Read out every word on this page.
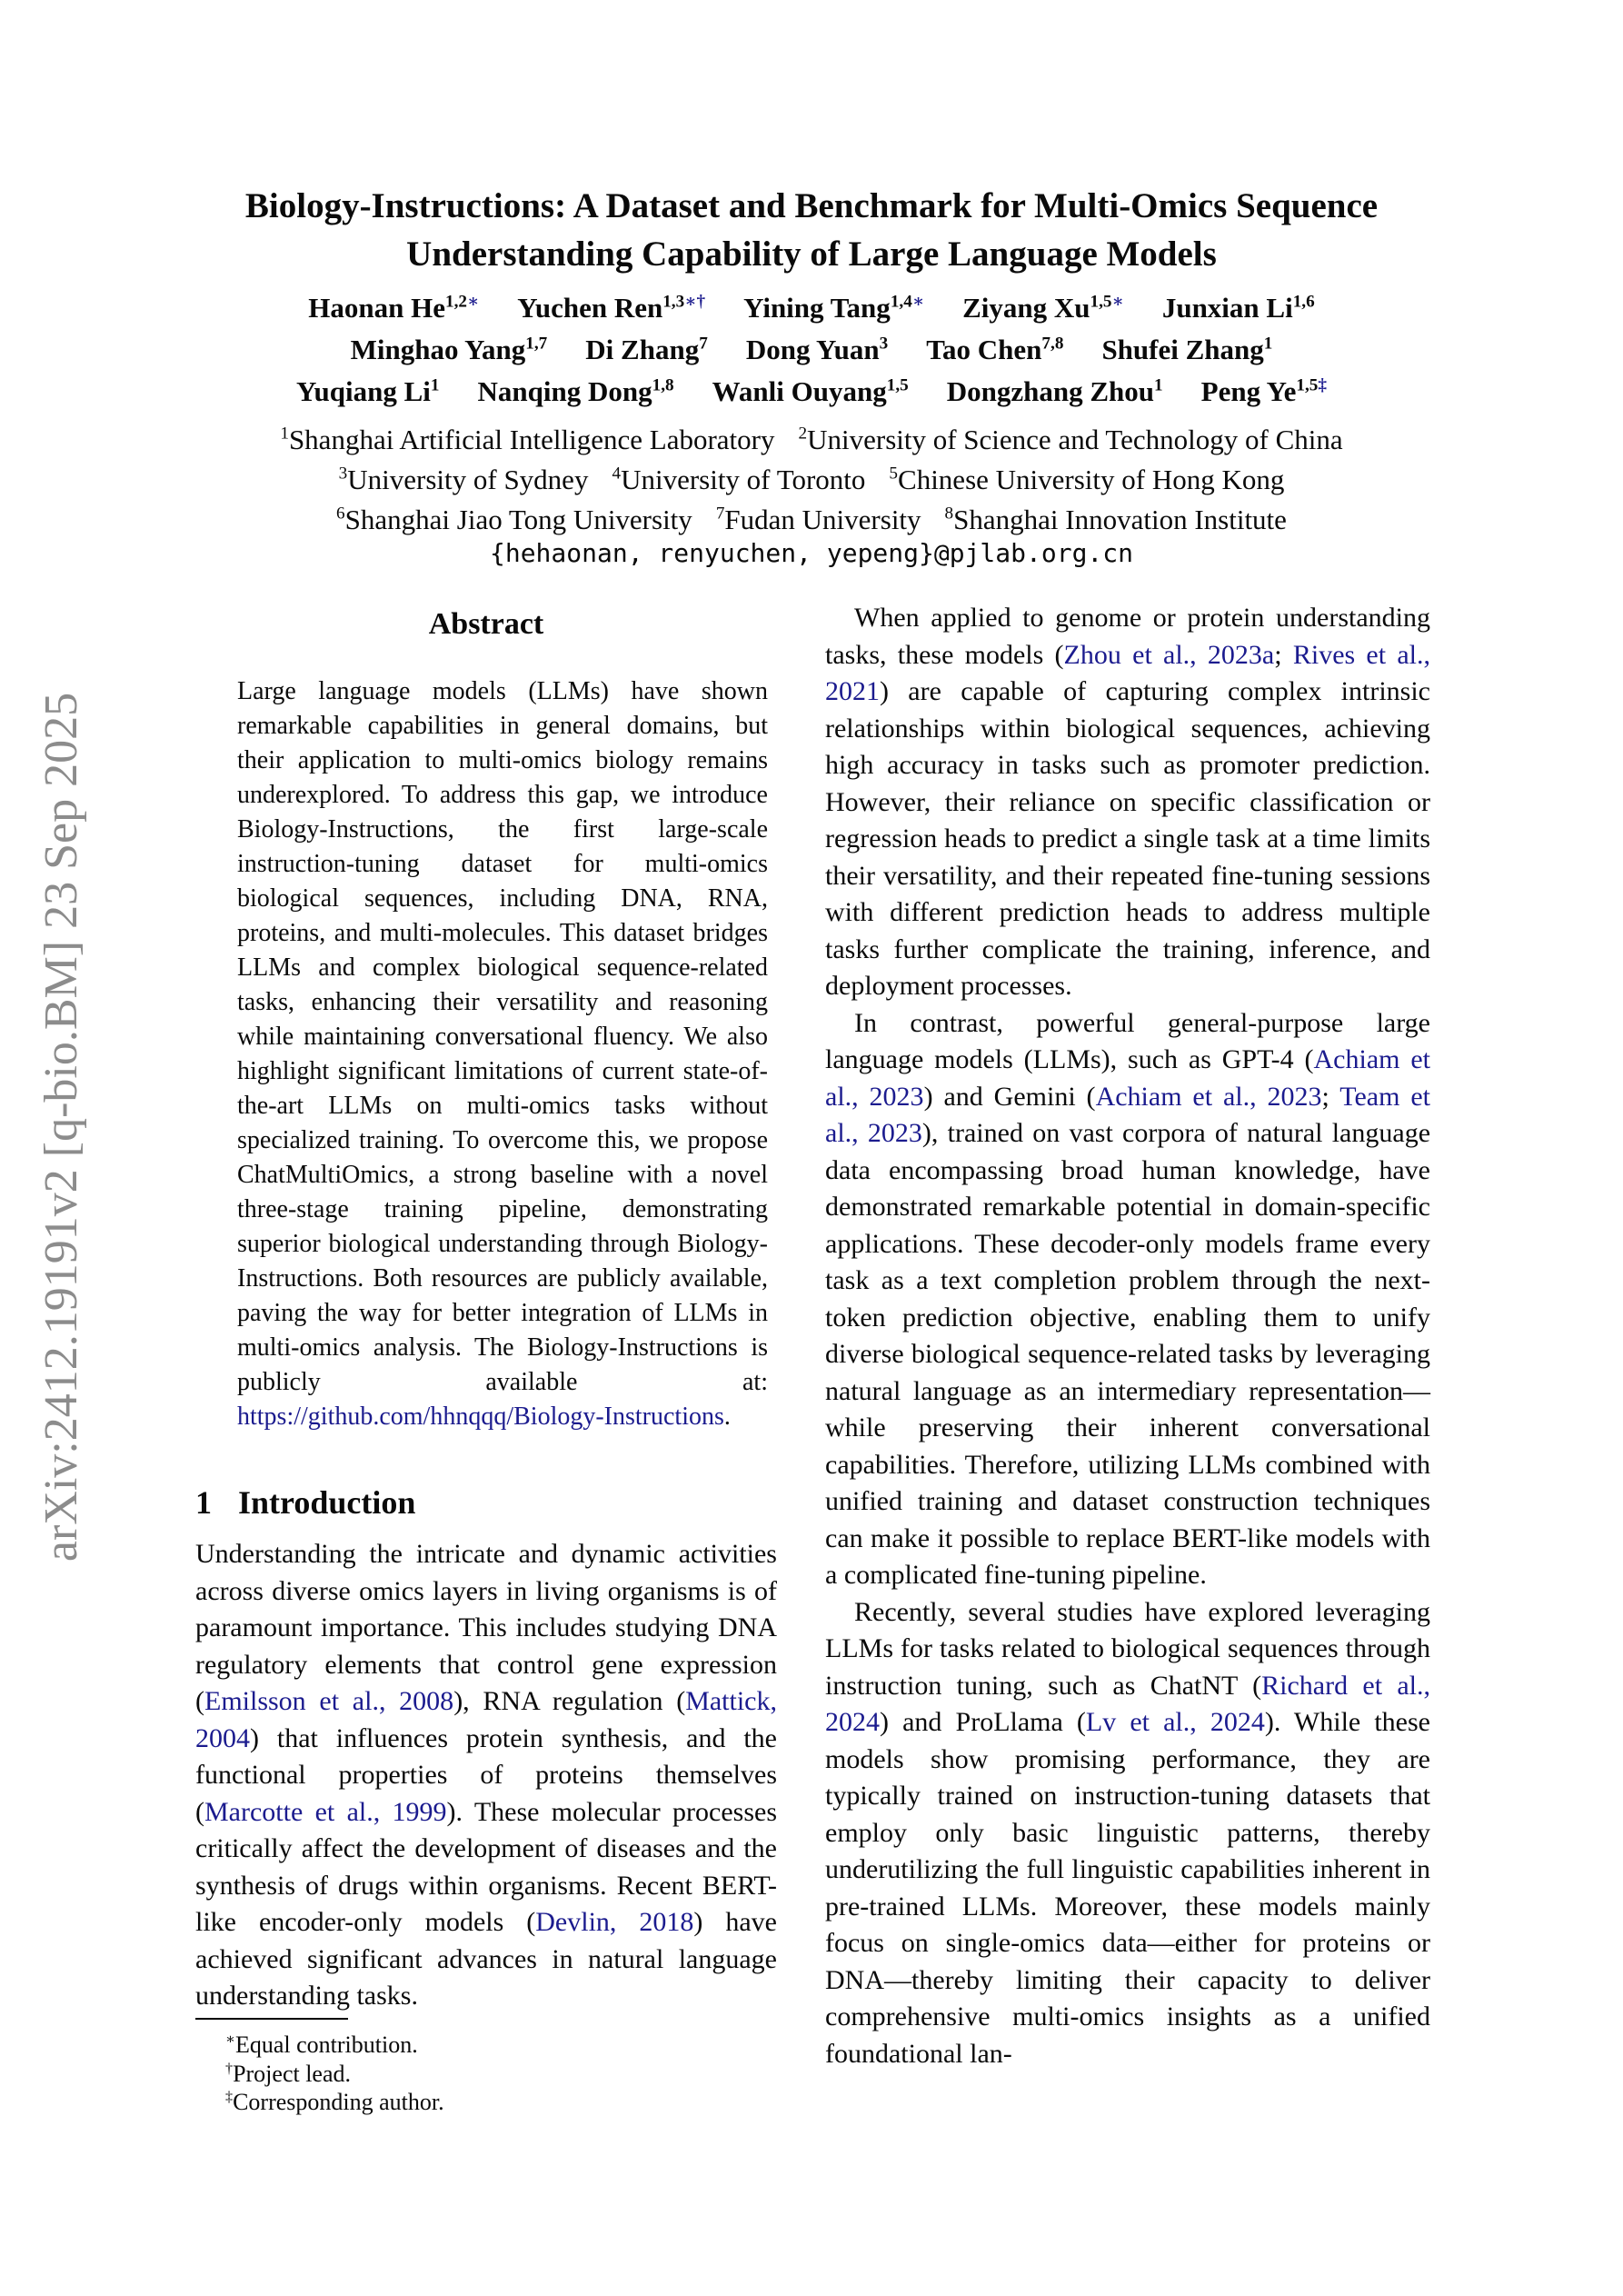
arXiv:2412.19191v2 [q-bio.BM] 23 Sep 2025
Biology-Instructions: A Dataset and Benchmark for Multi-Omics Sequence
Understanding Capability of Large Language Models
Haonan $He^{1,2∗}$ Yuchen Ren$^{1,3∗\dagger}$ Yining Tang$^{1,4∗}$ Ziyang $Xu^{1,5∗}$ Junxian Li$^{1,6}$
Minghao Yang$^{1,7}$ Di Zhang$^7$ Dong Yuan$^3$ Tao Chen$^{7,8}$ Shufei Zhang$^1$
Yuqiang Li$^1$ Nanqing Dong$^{1,8}$ Wanli Ouyang$^{1,5}$ Dongzhang Zhou$^1$ Peng $Ye^{1,5\ddagger}$
$^1$Shanghai Artificial Intelligence Laboratory $^2$University of Science and Technology of China
$^3$University of Sydney $^4$University of Toronto $^5$Chinese University of Hong Kong
$^6$Shanghai Jiao Tong University $^7$Fudan University $^8$Shanghai Innovation Institute
{hehaonan, renyuchen, yepeng}@pjlab.org.cn
Abstract
Large language models (LLMs) have shown remarkable capabilities in general domains, but their application to multi-omics biology remains underexplored. To address this gap, we introduce Biology-Instructions, the first large-scale instruction-tuning dataset for multi-omics biological sequences, including DNA, RNA, proteins, and multi-molecules. This dataset bridges LLMs and complex biological sequence-related tasks, enhancing their versatility and reasoning while maintaining conversational fluency. We also highlight significant limitations of current state-of-the-art LLMs on multi-omics tasks without specialized training. To overcome this, we propose ChatMultiOmics, a strong baseline with a novel three-stage training pipeline, demonstrating superior biological understanding through Biology-Instructions. Both resources are publicly available, paving the way for better integration of LLMs in multi-omics analysis. The Biology-Instructions is publicly available at: https://github.com/hhnqqq/Biology-Instructions.
1 Introduction
Understanding the intricate and dynamic activities across diverse omics layers in living organisms is of paramount importance. This includes studying DNA regulatory elements that control gene expression (Emilsson et al., 2008), RNA regulation (Mattick, 2004) that influences protein synthesis, and the functional properties of proteins themselves (Marcotte et al., 1999). These molecular processes critically affect the development of diseases and the synthesis of drugs within organisms. Recent BERT-like encoder-only models (Devlin, 2018) have achieved significant advances in natural language understanding tasks.
∗Equal contribution.
†Project lead.
‡Corresponding author.

When applied to genome or protein understanding tasks, these models (Zhou et al., 2023a; Rives et al., 2021) are capable of capturing complex intrinsic relationships within biological sequences, achieving high accuracy in tasks such as promoter prediction. However, their reliance on specific classification or regression heads to predict a single task at a time limits their versatility, and their repeated fine-tuning sessions with different prediction heads to address multiple tasks further complicate the training, inference, and deployment processes.

In contrast, powerful general-purpose large language models (LLMs), such as GPT-4 (Achiam et al., 2023) and Gemini (Achiam et al., 2023; Team et al., 2023), trained on vast corpora of natural language data encompassing broad human knowledge, have demonstrated remarkable potential in domain-specific applications. These decoder-only models frame every task as a text completion problem through the next-token prediction objective, enabling them to unify diverse biological sequence-related tasks by leveraging natural language as an intermediary representation—while preserving their inherent conversational capabilities. Therefore, utilizing LLMs combined with unified training and dataset construction techniques can make it possible to replace BERT-like models with a complicated fine-tuning pipeline.

Recently, several studies have explored leveraging LLMs for tasks related to biological sequences through instruction tuning, such as ChatNT (Richard et al., 2024) and ProLlama (Lv et al., 2024). While these models show promising performance, they are typically trained on instruction-tuning datasets that employ only basic linguistic patterns, thereby underutilizing the full linguistic capabilities inherent in pre-trained LLMs. Moreover, these models mainly focus on single-omics data—either for proteins or DNA—thereby limiting their capacity to deliver comprehensive multi-omics insights as a unified foundational lan-
